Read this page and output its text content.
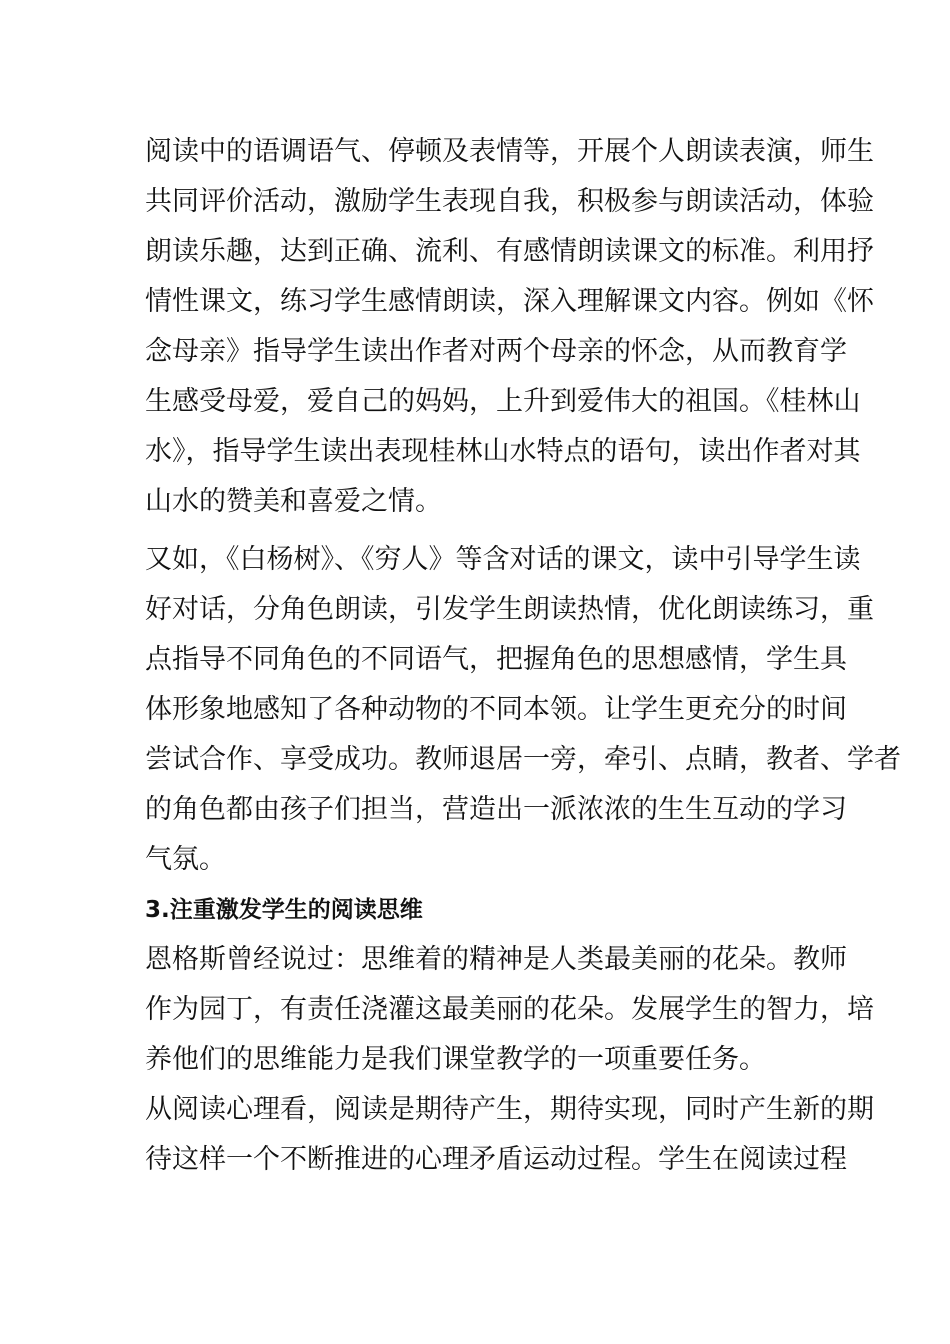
阅读中的语调语气、停顿及表情等，开展个人朗读表演，师生
共同评价活动，激励学生表现自我，积极参与朗读活动，体验
朗读乐趣，达到正确、流利、有感情朗读课文的标准。利用抒
情性课文，练习学生感情朗读，深入理解课文内容。例如《怀
念母亲》指导学生读出作者对两个母亲的怀念，从而教育学
生感受母爱，爱自己的妈妈，上升到爱伟大的祖国。《桂林山
水》，指导学生读出表现桂林山水特点的语句，读出作者对其
山水的赞美和喜爱之情。
又如，《白杨树》、《穷人》等含对话的课文，读中引导学生读
好对话，分角色朗读，引发学生朗读热情，优化朗读练习，重
点指导不同角色的不同语气，把握角色的思想感情，学生具
体形象地感知了各种动物的不同本领。让学生更充分的时间
尝试合作、享受成功。教师退居一旁，牵引、点睛，教者、学者
的角色都由孩子们担当，营造出一派浓浓的生生互动的学习
气氛。
3.注重激发学生的阅读思维
恩格斯曾经说过：思维着的精神是人类最美丽的花朵。教师
作为园丁，有责任浇灌这最美丽的花朵。发展学生的智力，培
养他们的思维能力是我们课堂教学的一项重要任务。
从阅读心理看，阅读是期待产生，期待实现，同时产生新的期
待这样一个不断推进的心理矛盾运动过程。学生在阅读过程
